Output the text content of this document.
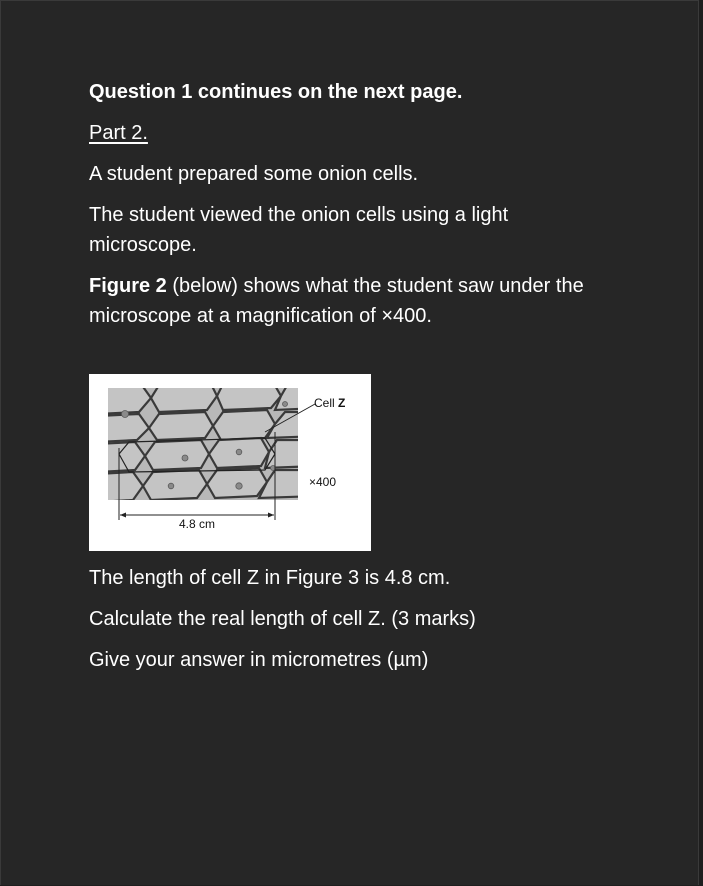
Question 1 continues on the next page.

Part 2.

A student prepared some onion cells.

The student viewed the onion cells using a light microscope.

Figure 2 (below) shows what the student saw under the microscope at a magnification of ×400.

Cell Z
×400
4.8 cm

The length of cell Z in Figure 3 is 4.8 cm.

Calculate the real length of cell Z. (3 marks)

Give your answer in micrometres (µm)
